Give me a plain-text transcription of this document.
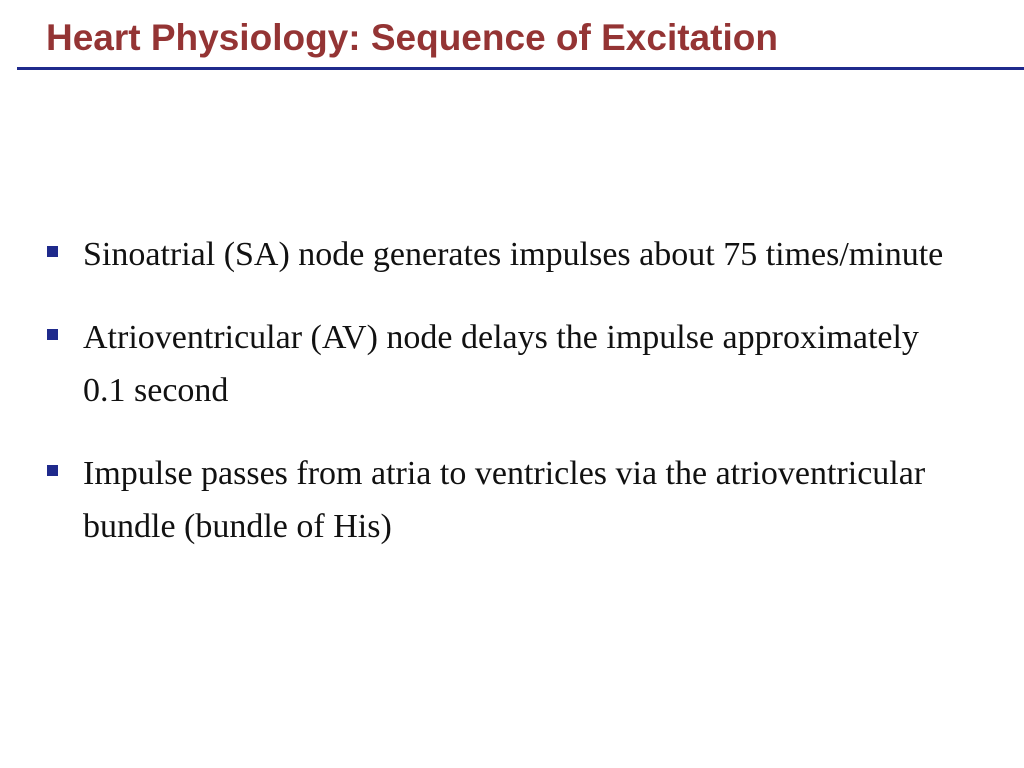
Heart Physiology: Sequence of Excitation
Sinoatrial (SA) node generates impulses about 75 times/minute
Atrioventricular (AV) node delays the impulse approximately 0.1 second
Impulse passes from atria to ventricles via the atrioventricular bundle (bundle of His)
